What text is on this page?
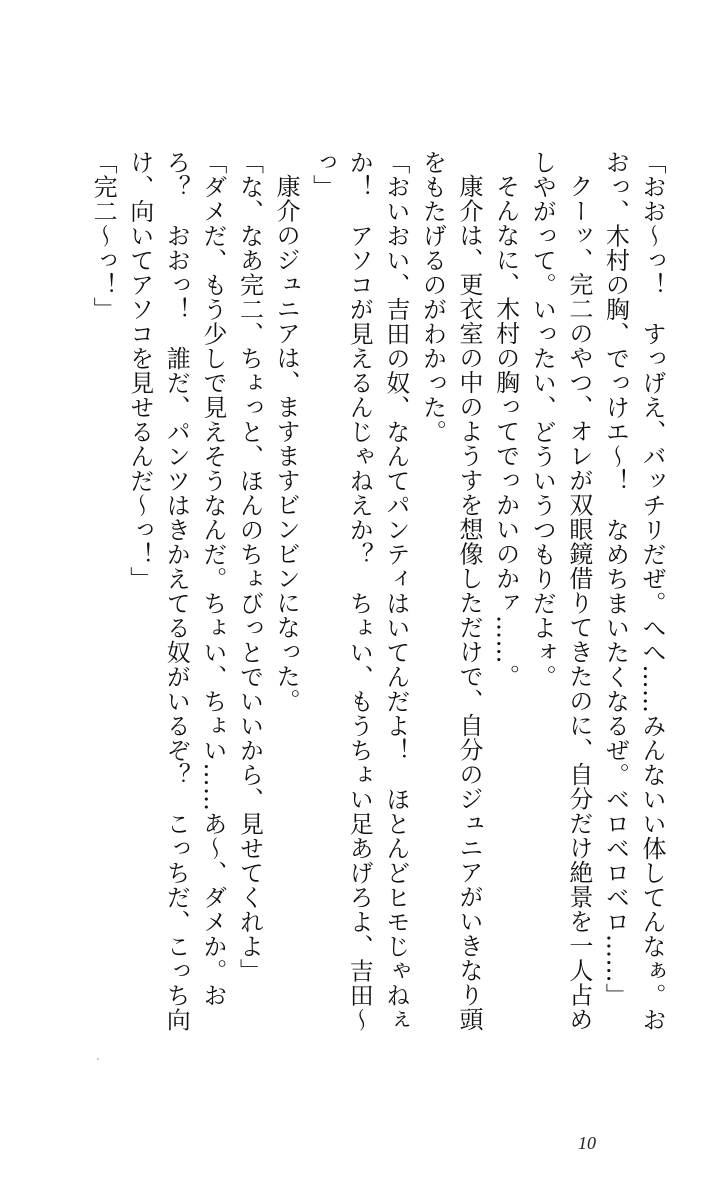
「おお～っ！　すっげえ、バッチリだぜ。へへ……みんないい体してんなぁ。おおっ、木村の胸、でっけエ～！　なめちまいたくなるぜ。ベロベロベロ……」

クーッ、完二のやつ、オレが双眼鏡借りてきたのに、自分だけ絶景を一人占めしやがって。いったい、どういうつもりだよォ。

そんなに、木村の胸ってでっかいのかァ……。

康介は、更衣室の中のようすを想像しただけで、自分のジュニアがいきなり頭をもたげるのがわかった。

「おいおい、吉田の奴、なんてパンティはいてんだよ！　ほとんどヒモじゃねぇか！　アソコが見えるんじゃねえか？　ちょい、もうちょい足あげろよ、吉田～っ」

康介のジュニアは、ますますビンビンになった。

「な、なあ完二、ちょっと、ほんのちょびっとでいいから、見せてくれよ」

「ダメだ、もう少しで見えそうなんだ。ちょい、ちょい……あ～、ダメか。おろ？　おおっ！　誰だ、パンツはきかえてる奴がいるぞ？　こっちだ、こっち向け、向いてアソコを見せるんだ～っ！」

「完二～っ！」

10
